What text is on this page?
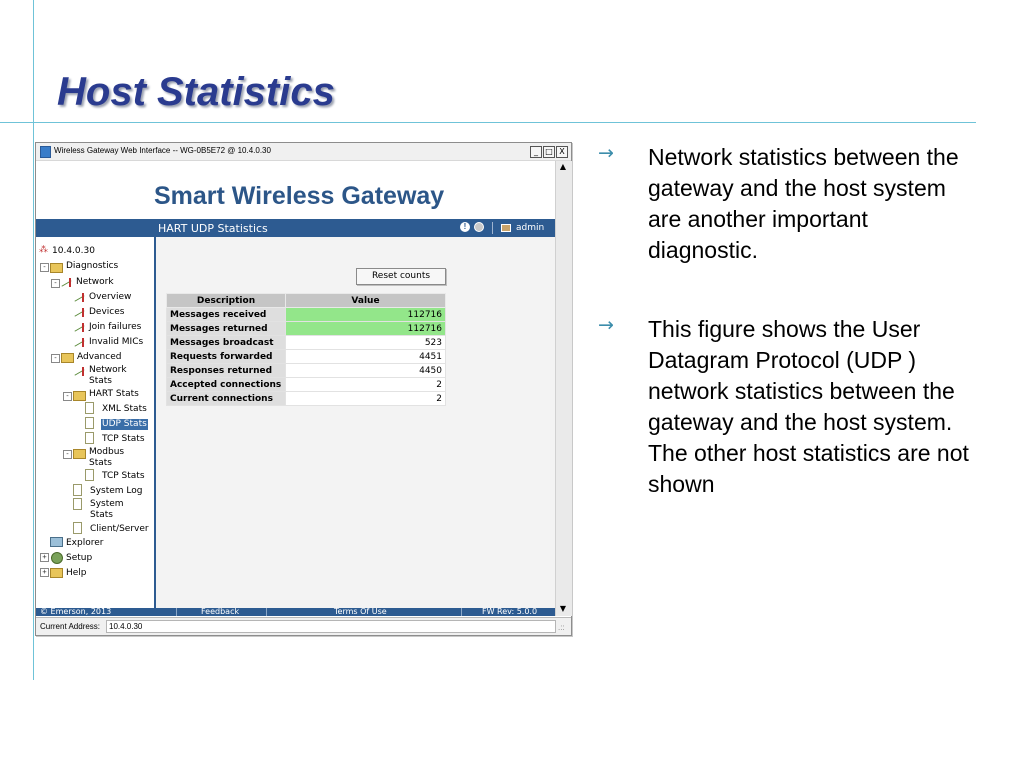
Host Statistics
Wireless Gateway Web Interface -- WG-0B5E72 @ 10.4.0.30	_ □ X
Smart Wireless Gateway
HART UDP Statistics	!	admin
⁂ 10.4.0.30
- Diagnostics
- Network
Overview
Devices
Join failures
Invalid MICs
- Advanced
Network
Stats
- HART Stats
XML Stats
UDP Stats
TCP Stats
- Modbus
Stats
TCP Stats
System Log
System
Stats
Client/Server
Explorer
+ Setup
+ Help
Reset counts
Description	Value
Messages received	112716
Messages returned	112716
Messages broadcast	523
Requests forwarded	4451
Responses returned	4450
Accepted connections	2
Current connections	2
© Emerson, 2013	Feedback	Terms Of Use	FW Rev: 5.0.0
▲
▼
Current Address: 10.4.0.30	.::
→ Network statistics between the gateway and the host system are another important diagnostic.
→ This figure shows the User Datagram Protocol (UDP ) network statistics between the gateway and the host system. The other host statistics are not shown
